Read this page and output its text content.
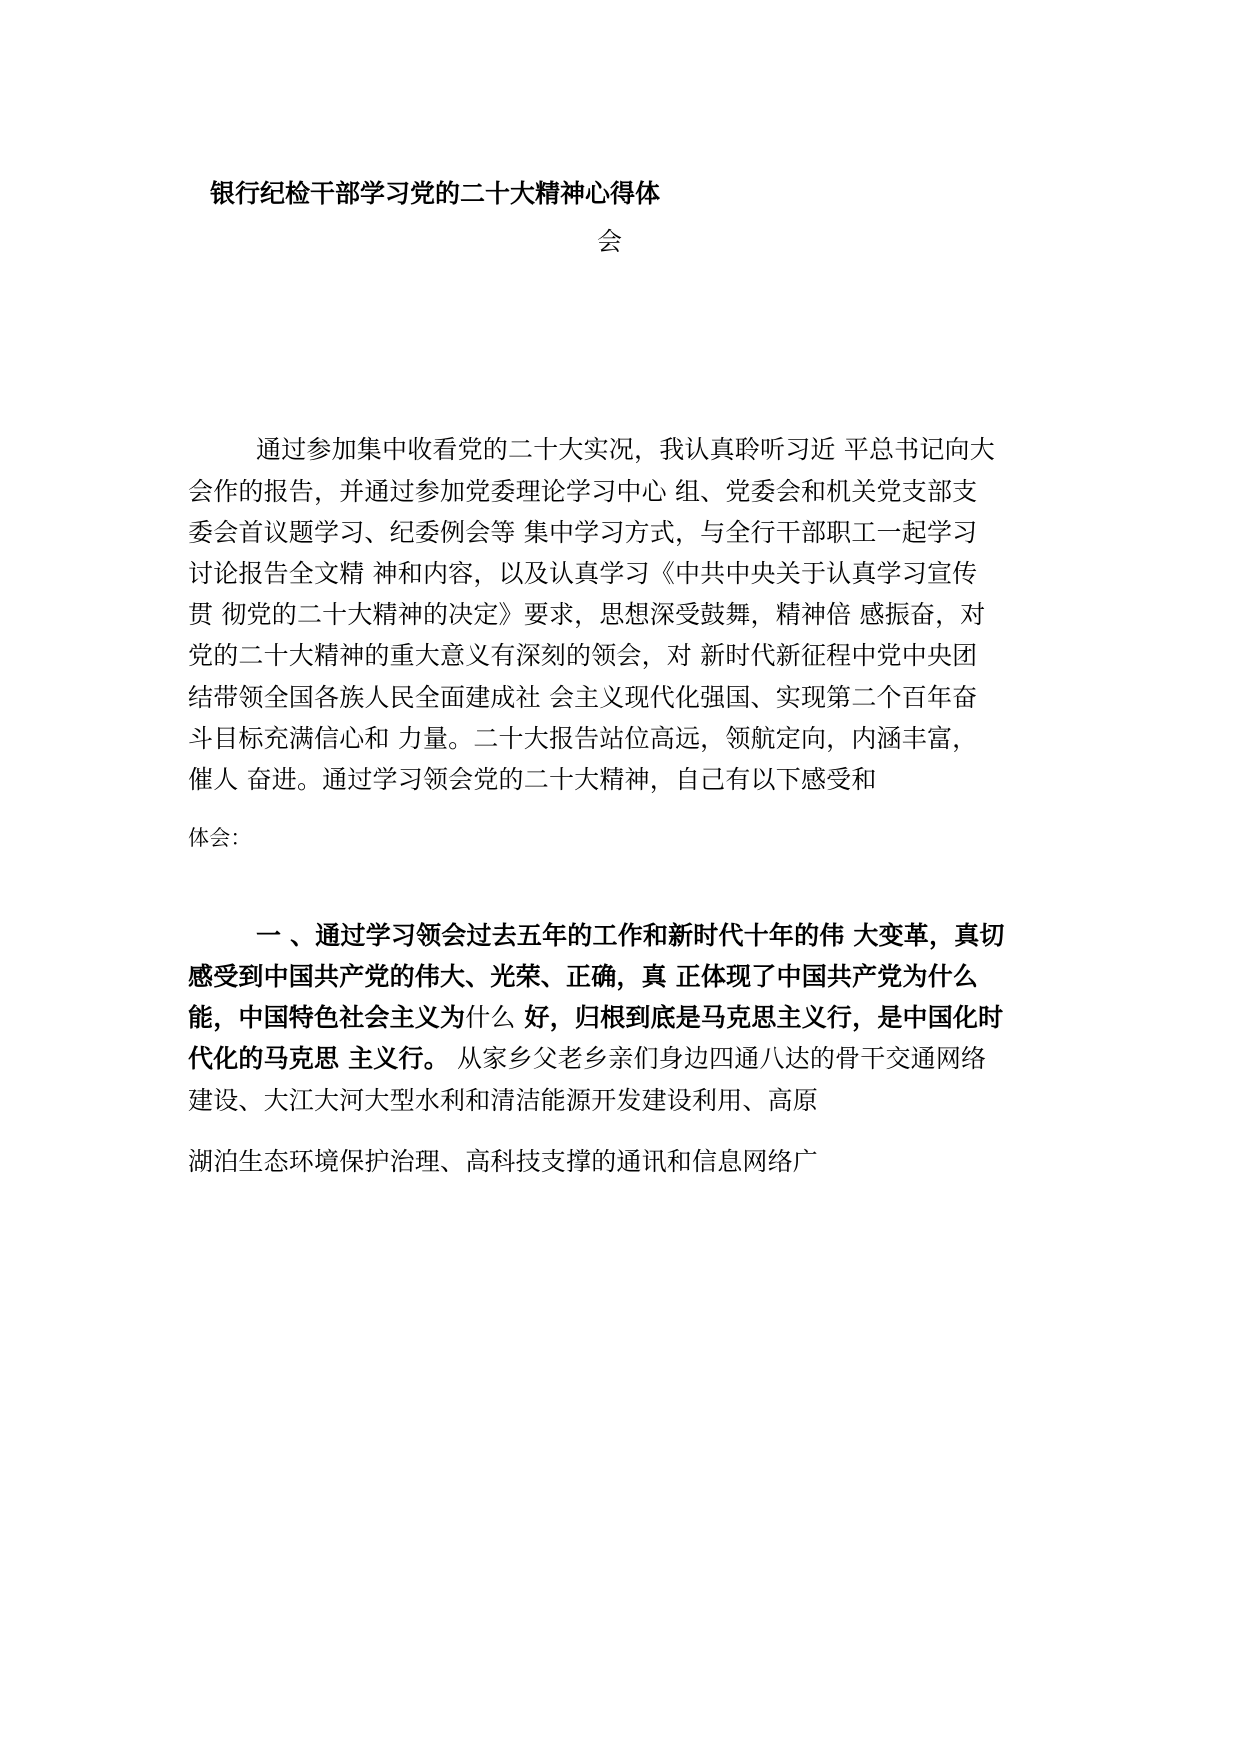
银行纪检干部学习党的二十大精神心得体
会
通过参加集中收看党的二十大实况，我认真聆听习近 平总书记向大
会作的报告，并通过参加党委理论学习中心 组、党委会和机关党支部支
委会首议题学习、纪委例会等 集中学习方式，与全行干部职工一起学习
讨论报告全文精 神和内容，以及认真学习《中共中央关于认真学习宣传
贯 彻党的二十大精神的决定》要求，思想深受鼓舞，精神倍 感振奋，对
党的二十大精神的重大意义有深刻的领会，对 新时代新征程中党中央团
结带领全国各族人民全面建成社 会主义现代化强国、实现第二个百年奋
斗目标充满信心和 力量。二十大报告站位高远，领航定向，内涵丰富，
催人 奋进。通过学习领会党的二十大精神，自己有以下感受和
体会：
一 、通过学习领会过去五年的工作和新时代十年的伟 大变革，真切
感受到中国共产党的伟大、光荣、正确，真 正体现了中国共产党为什么
能，中国特色社会主义为什么 好，归根到底是马克思主义行，是中国化时
代化的马克思 主义行。 从家乡父老乡亲们身边四通八达的骨干交通网络
建设、大江大河大型水利和清洁能源开发建设利用、高原
湖泊生态环境保护治理、高科技支撑的通讯和信息网络广
